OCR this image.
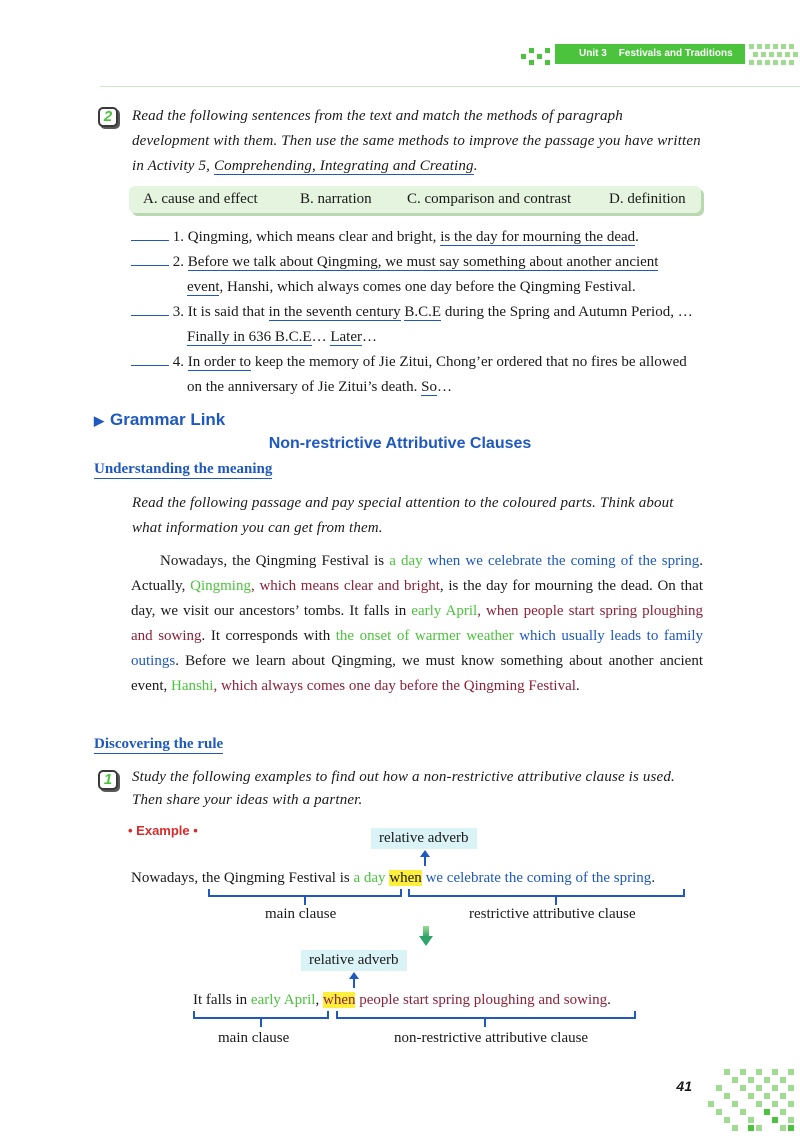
Unit 3 Festivals and Traditions
2	Read the following sentences from the text and match the methods of paragraph development with them. Then use the same methods to improve the passage you have written in Activity 5, Comprehending, Integrating and Creating.
A. cause and effect	B. narration C. comparison and contrast	D. definition
1. Qingming, which means clear and bright, is the day for mourning the dead.
2. Before we talk about Qingming, we must say something about another ancient
event, Hanshi, which always comes one day before the Qingming Festival.
3. It is said that in the seventh century B.C.E during the Spring and Autumn Period, …
Finally in 636 B.C.E… Later…
4. In order to keep the memory of Jie Zitui, Chong’er ordered that no fires be allowed
on the anniversary of Jie Zitui’s death. So…
▶ Grammar Link
Non-restrictive Attributive Clauses
Understanding the meaning
Read the following passage and pay special attention to the coloured parts. Think about what information you can get from them.
Nowadays, the Qingming Festival is a day when we celebrate the coming of the spring. Actually, Qingming, which means clear and bright, is the day for mourning the dead. On that day, we visit our ancestors’ tombs. It falls in early April, when people start spring ploughing and sowing. It corresponds with the onset of warmer weather which usually leads to family outings. Before we learn about Qingming, we must know something about another ancient event, Hanshi, which always comes one day before the Qingming Festival.
Discovering the rule
1	Study the following examples to find out how a non-restrictive attributive clause is used. Then share your ideas with a partner.
• Example •	relative adverb
Nowadays, the Qingming Festival is a day when we celebrate the coming of the spring.
main clause	restrictive attributive clause
relative adverb
It falls in early April, when people start spring ploughing and sowing.
main clause	non-restrictive attributive clause
41
